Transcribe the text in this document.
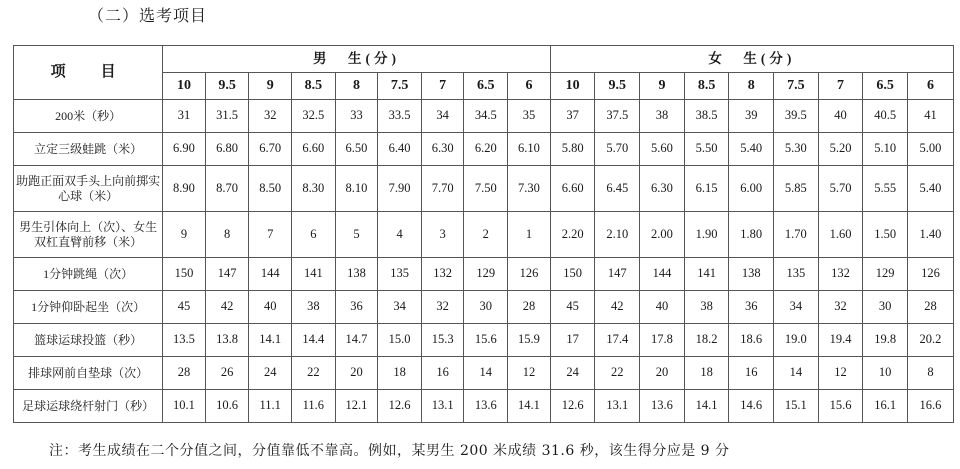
（二）选考项目
项　目	男　生(分)									女　生(分)								
	10	9.5	9	8.5	8	7.5	7	6.5	6	10	9.5	9	8.5	8	7.5	7	6.5	6
200米（秒）	31	31.5	32	32.5	33	33.5	34	34.5	35	37	37.5	38	38.5	39	39.5	40	40.5	41
立定三级蛙跳（米）	6.90	6.80	6.70	6.60	6.50	6.40	6.30	6.20	6.10	5.80	5.70	5.60	5.50	5.40	5.30	5.20	5.10	5.00
助跑正面双手头上向前掷实心球（米）	8.90	8.70	8.50	8.30	8.10	7.90	7.70	7.50	7.30	6.60	6.45	6.30	6.15	6.00	5.85	5.70	5.55	5.40
男生引体向上（次）、女生双杠直臂前移（米）	9	8	7	6	5	4	3	2	1	2.20	2.10	2.00	1.90	1.80	1.70	1.60	1.50	1.40
1分钟跳绳（次）	150	147	144	141	138	135	132	129	126	150	147	144	141	138	135	132	129	126
1分钟仰卧起坐（次）	45	42	40	38	36	34	32	30	28	45	42	40	38	36	34	32	30	28
篮球运球投篮（秒）	13.5	13.8	14.1	14.4	14.7	15.0	15.3	15.6	15.9	17	17.4	17.8	18.2	18.6	19.0	19.4	19.8	20.2
排球网前自垫球（次）	28	26	24	22	20	18	16	14	12	24	22	20	18	16	14	12	10	8
足球运球绕杆射门（秒）	10.1	10.6	11.1	11.6	12.1	12.6	13.1	13.6	14.1	12.6	13.1	13.6	14.1	14.6	15.1	15.6	16.1	16.6
注：考生成绩在二个分值之间，分值靠低不靠高。例如，某男生 200 米成绩 31.6 秒，该生得分应是 9 分
